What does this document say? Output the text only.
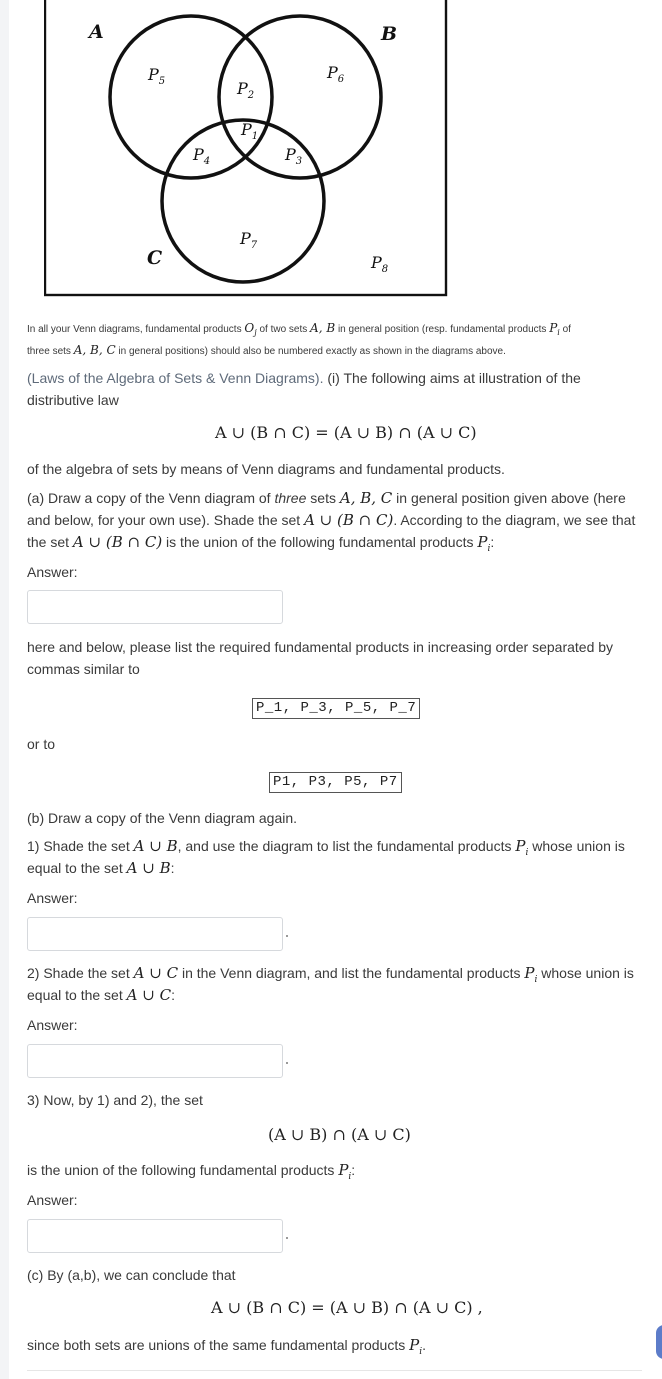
A	B
C
$P_1$
$P_2$
$P_3$
$P_4$
$P_5$	$P_6$
$P_7$
$P_8$
In all your Venn diagrams, fundamental products $O_j$ of two sets A, B in general position (resp. fundamental products $P_i$ of
three sets A, B, C in general positions) should also be numbered exactly as shown in the diagrams above.
(Laws of the Algebra of Sets & Venn Diagrams). (i) The following aims at illustration of the
distributive law
A ∪ (B ∩ C) = (A ∪ B) ∩ (A ∪ C)
of the algebra of sets by means of Venn diagrams and fundamental products.
(a) Draw a copy of the Venn diagram of three sets A, B, C in general position given above (here
and below, for your own use). Shade the set A ∪ (B ∩ C). According to the diagram, we see that
the set A ∪ (B ∩ C) is the union of the following fundamental products $P_i$:
Answer:
here and below, please list the required fundamental products in increasing order separated by
commas similar to
P_1, P_3, P_5, P_7
or to
P1, P3, P5, P7
(b) Draw a copy of the Venn diagram again.
1) Shade the set A ∪ B, and use the diagram to list the fundamental products $P_i$ whose union is
equal to the set A ∪ B:
Answer:
2) Shade the set A ∪ C in the Venn diagram, and list the fundamental products $P_i$ whose union is
equal to the set A ∪ C:
Answer:
3) Now, by 1) and 2), the set
(A ∪ B) ∩ (A ∪ C)
is the union of the following fundamental products $P_i$:
Answer:
(c) By (a,b), we can conclude that
A ∪ (B ∩ C) = (A ∪ B) ∩ (A ∪ C) ,
since both sets are unions of the same fundamental products $P_i$.
